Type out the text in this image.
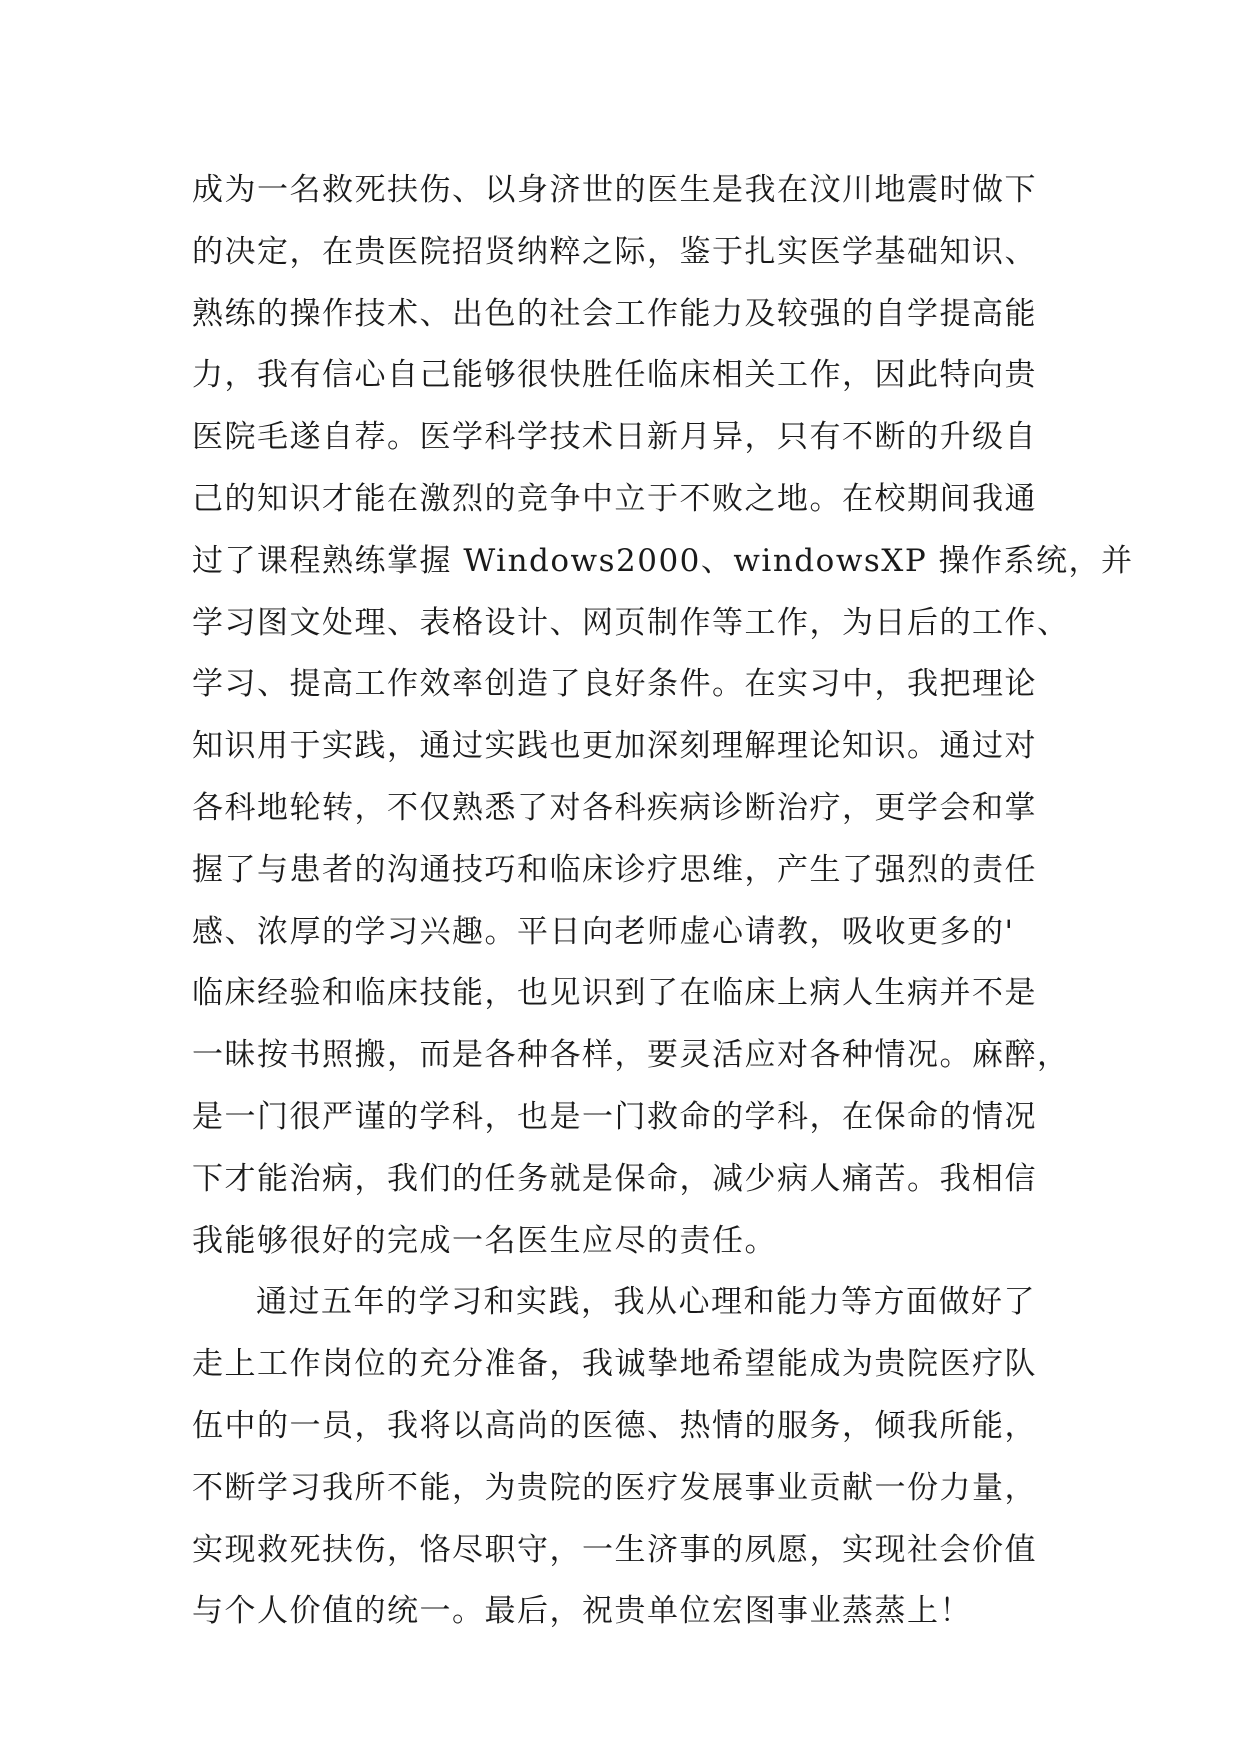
成为一名救死扶伤、以身济世的医生是我在汶川地震时做下
的决定，在贵医院招贤纳粹之际，鉴于扎实医学基础知识、
熟练的操作技术、出色的社会工作能力及较强的自学提高能
力，我有信心自己能够很快胜任临床相关工作，因此特向贵
医院毛遂自荐。医学科学技术日新月异，只有不断的升级自
己的知识才能在激烈的竞争中立于不败之地。在校期间我通
过了课程熟练掌握 Windows2000、windowsXP 操作系统，并
学习图文处理、表格设计、网页制作等工作，为日后的工作、
学习、提高工作效率创造了良好条件。在实习中，我把理论
知识用于实践，通过实践也更加深刻理解理论知识。通过对
各科地轮转，不仅熟悉了对各科疾病诊断治疗，更学会和掌
握了与患者的沟通技巧和临床诊疗思维，产生了强烈的责任
感、浓厚的学习兴趣。平日向老师虚心请教，吸收更多的'
临床经验和临床技能，也见识到了在临床上病人生病并不是
一昧按书照搬，而是各种各样，要灵活应对各种情况。麻醉，
是一门很严谨的学科，也是一门救命的学科，在保命的情况
下才能治病，我们的任务就是保命，减少病人痛苦。我相信
我能够很好的完成一名医生应尽的责任。
通过五年的学习和实践，我从心理和能力等方面做好了
走上工作岗位的充分准备，我诚挚地希望能成为贵院医疗队
伍中的一员，我将以高尚的医德、热情的服务，倾我所能，
不断学习我所不能，为贵院的医疗发展事业贡献一份力量，
实现救死扶伤，恪尽职守，一生济事的夙愿，实现社会价值
与个人价值的统一。最后，祝贵单位宏图事业蒸蒸上！
